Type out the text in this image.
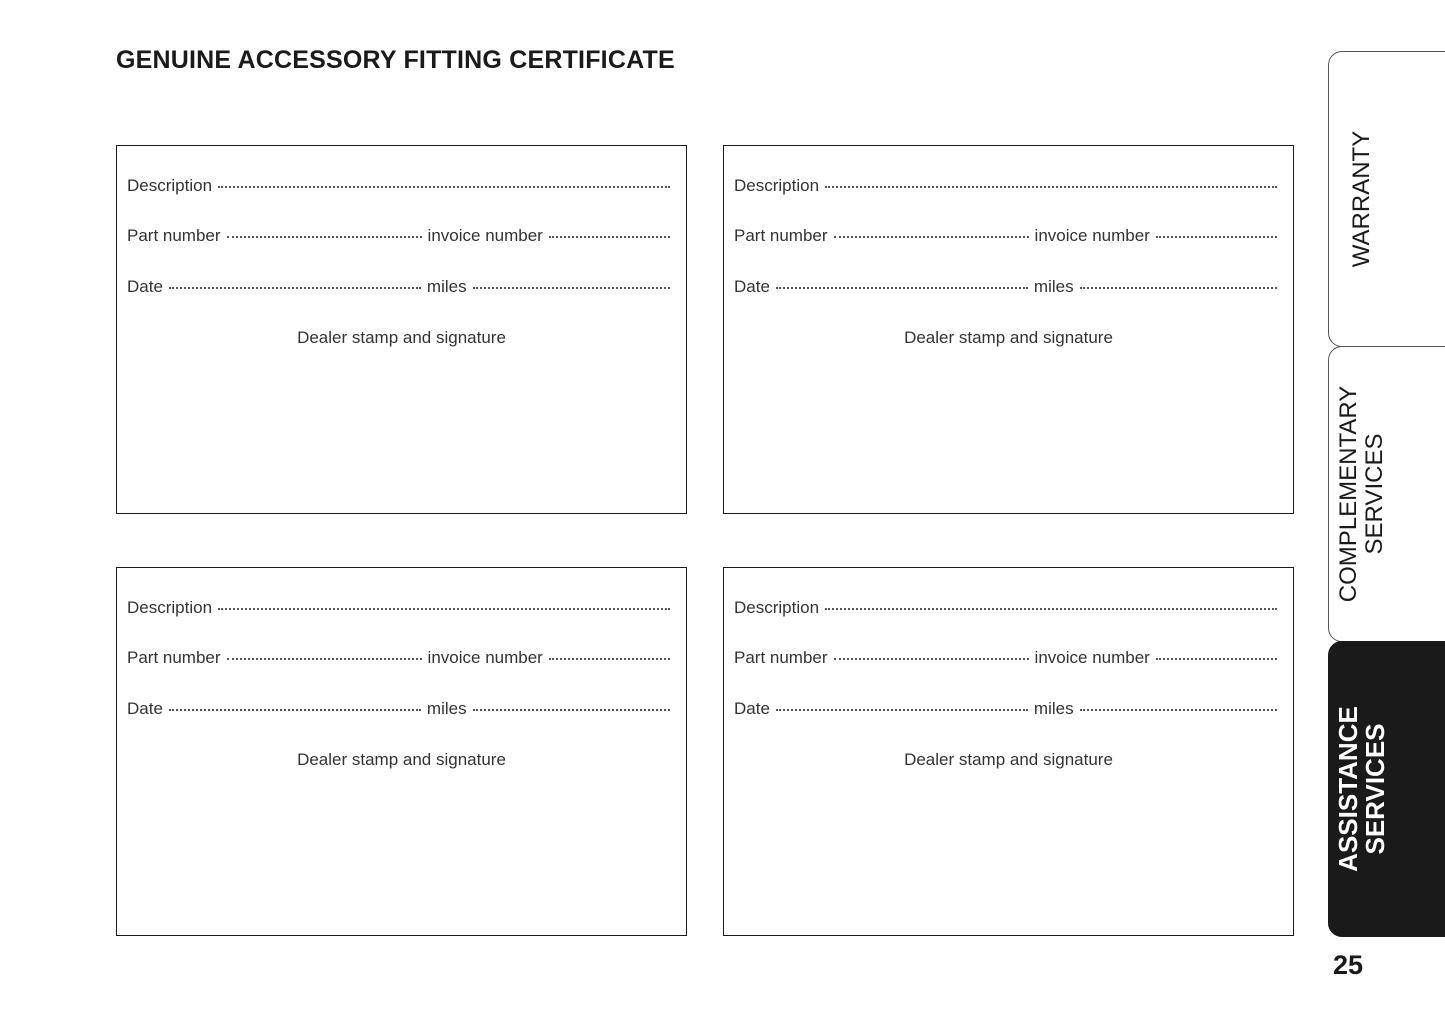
GENUINE ACCESSORY FITTING CERTIFICATE
Description
Part number	invoice number
Date	miles
Dealer stamp and signature
Description
Part number	invoice number
Date	miles
Dealer stamp and signature
Description
Part number	invoice number
Date	miles
Dealer stamp and signature
Description
Part number	invoice number
Date	miles
Dealer stamp and signature
WARRANTY
COMPLEMENTARY SERVICES
ASSISTANCE
SERVICES
25
